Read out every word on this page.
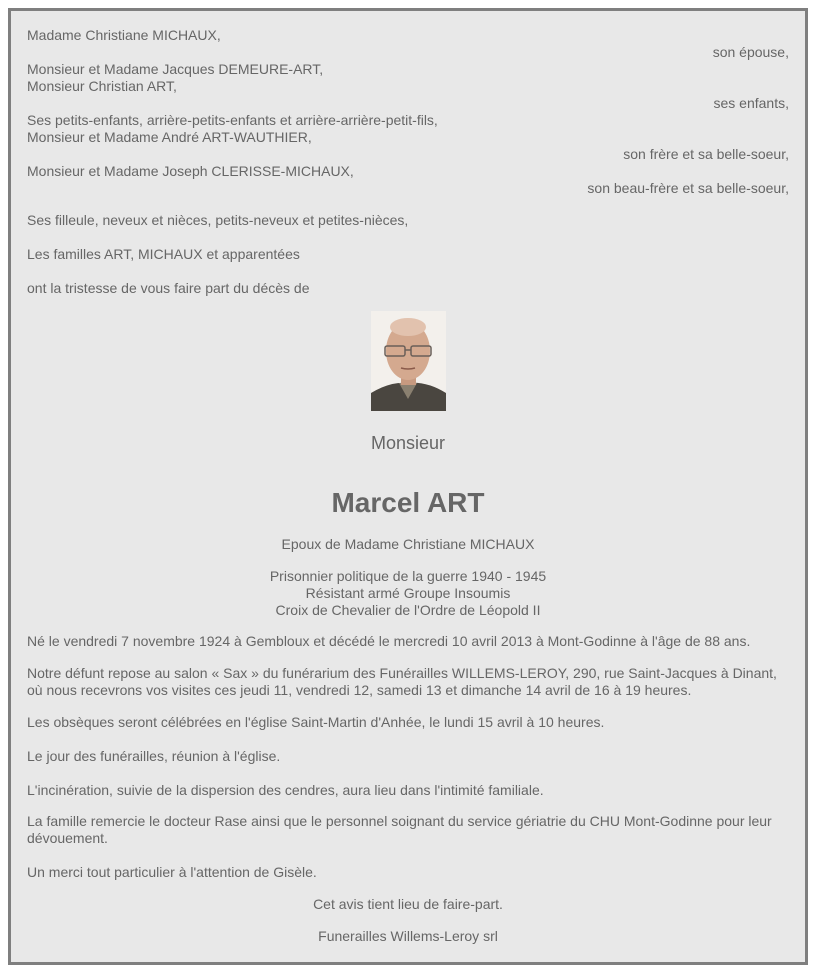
Madame Christiane MICHAUX,
son épouse,
Monsieur et Madame Jacques DEMEURE-ART,
Monsieur Christian ART,
ses enfants,
Ses petits-enfants, arrière-petits-enfants et arrière-arrière-petit-fils,
Monsieur et Madame André ART-WAUTHIER,
son frère et sa belle-soeur,
Monsieur et Madame Joseph CLERISSE-MICHAUX,
son beau-frère et sa belle-soeur,
Ses filleule, neveux et nièces, petits-neveux et petites-nièces,
Les familles ART, MICHAUX et apparentées
ont la tristesse de vous faire part du décès de
Monsieur
Marcel ART
Epoux de Madame Christiane MICHAUX
Prisonnier politique de la guerre 1940 - 1945
Résistant armé Groupe Insoumis
Croix de Chevalier de l'Ordre de Léopold II
Né le vendredi 7 novembre 1924 à Gembloux et décédé le mercredi 10 avril 2013 à Mont-Godinne à l'âge de 88 ans.
Notre défunt repose au salon « Sax » du funérarium des Funérailles WILLEMS-LEROY, 290, rue Saint-Jacques à Dinant, où nous recevrons vos visites ces jeudi 11, vendredi 12, samedi 13 et dimanche 14 avril de 16 à 19 heures.
Les obsèques seront célébrées en l'église Saint-Martin d'Anhée, le lundi 15 avril à 10 heures.
Le jour des funérailles, réunion à l'église.
L'incinération, suivie de la dispersion des cendres, aura lieu dans l'intimité familiale.
La famille remercie le docteur Rase ainsi que le personnel soignant du service gériatrie du CHU Mont-Godinne pour leur dévouement.
Un merci tout particulier à l'attention de Gisèle.
Cet avis tient lieu de faire-part.
Funerailles Willems-Leroy srl
